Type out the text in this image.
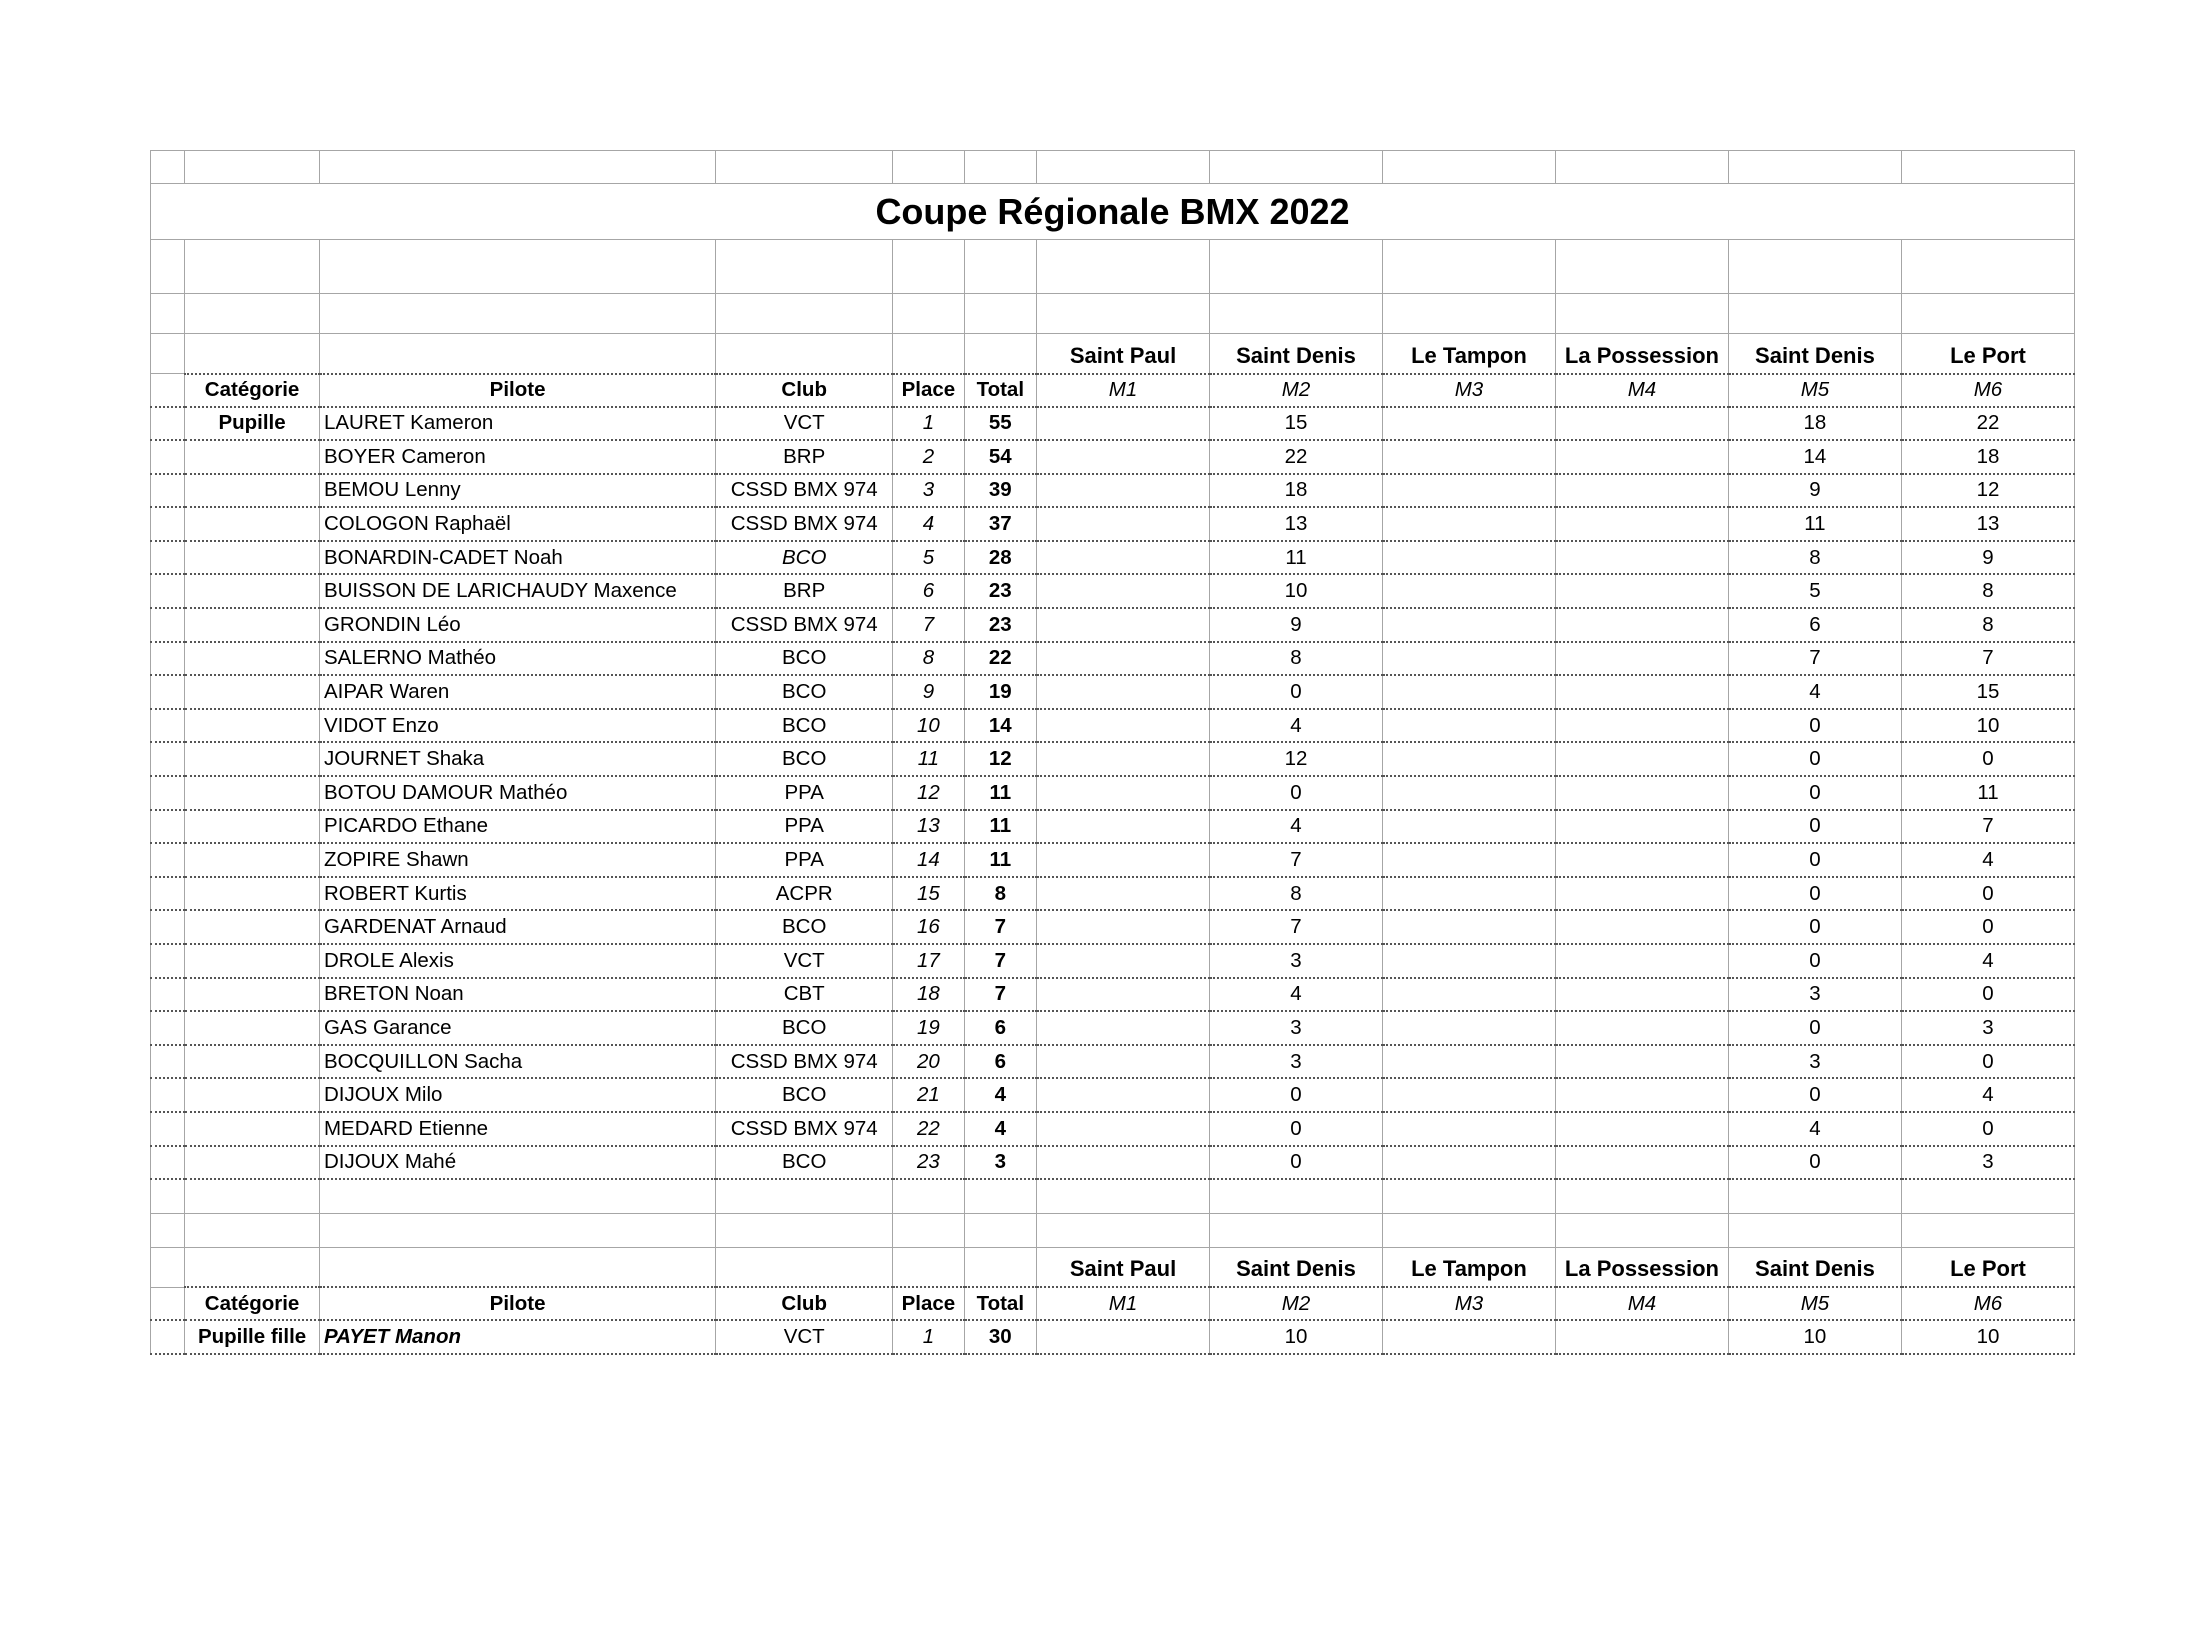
Coupe Régionale BMX 2022											

						Saint Paul	Saint Denis	Le Tampon	La Possession	Saint Denis	Le Port
	Catégorie	Pilote	Club	Place	Total	M1	M2	M3	M4	M5	M6
	Pupille	LAURET Kameron	VCT	1	55		15			18	22
		BOYER Cameron	BRP	2	54		22			14	18
		BEMOU Lenny	CSSD BMX 974	3	39		18			9	12
		COLOGON Raphaël	CSSD BMX 974	4	37		13			11	13
		BONARDIN-CADET Noah	BCO	5	28		11			8	9
		BUISSON DE LARICHAUDY Maxence	BRP	6	23		10			5	8
		GRONDIN Léo	CSSD BMX 974	7	23		9			6	8
		SALERNO Mathéo	BCO	8	22		8			7	7
		AIPAR Waren	BCO	9	19		0			4	15
		VIDOT Enzo	BCO	10	14		4			0	10
		JOURNET Shaka	BCO	11	12		12			0	0
		BOTOU DAMOUR Mathéo	PPA	12	11		0			0	11
		PICARDO Ethane	PPA	13	11		4			0	7
		ZOPIRE Shawn	PPA	14	11		7			0	4
		ROBERT Kurtis	ACPR	15	8		8			0	0
		GARDENAT Arnaud	BCO	16	7		7			0	0
		DROLE Alexis	VCT	17	7		3			0	4
		BRETON Noan	CBT	18	7		4			3	0
		GAS Garance	BCO	19	6		3			0	3
		BOCQUILLON Sacha	CSSD BMX 974	20	6		3			3	0
		DIJOUX Milo	BCO	21	4		0			0	4
		MEDARD Etienne	CSSD BMX 974	22	4		0			4	0
		DIJOUX Mahé	BCO	23	3		0			0	3

						Saint Paul	Saint Denis	Le Tampon	La Possession	Saint Denis	Le Port
	Catégorie	Pilote	Club	Place	Total	M1	M2	M3	M4	M5	M6
	Pupille fille	PAYET Manon	VCT	1	30		10			10	10
